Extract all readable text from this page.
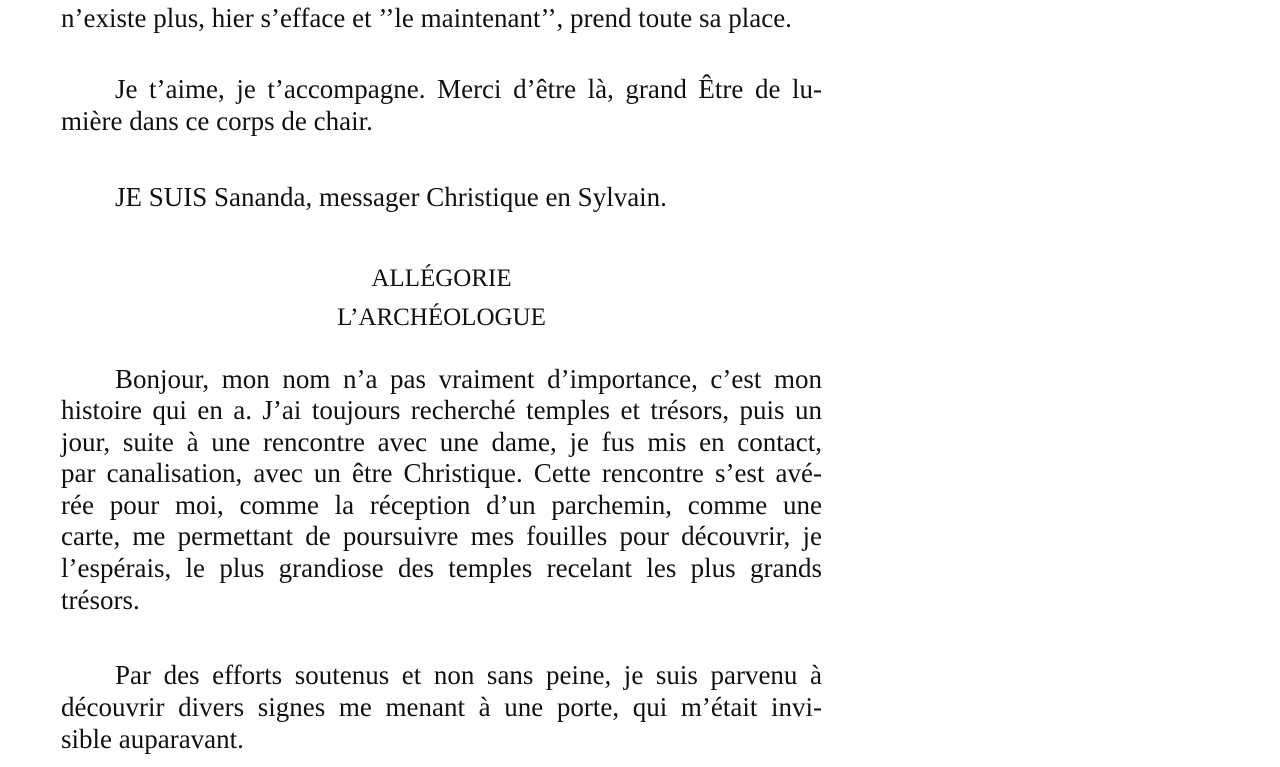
n’existe plus, hier s’efface et ’’le maintenant’’, prend toute sa place.
Je t’aime, je t’accompagne. Merci d’être là, grand Être de lu-
mière dans ce corps de chair.
JE SUIS Sananda, messager Christique en Sylvain.
ALLÉGORIE
L’ARCHÉOLOGUE
Bonjour, mon nom n’a pas vraiment d’importance, c’est mon
histoire qui en a. J’ai toujours recherché temples et trésors, puis un
jour, suite à une rencontre avec une dame, je fus mis en contact,
par canalisation, avec un être Christique. Cette rencontre s’est avé-
rée pour moi, comme la réception d’un parchemin, comme une
carte, me permettant de poursuivre mes fouilles pour découvrir, je
l’espérais, le plus grandiose des temples recelant les plus grands
trésors.
Par des efforts soutenus et non sans peine, je suis parvenu à
découvrir divers signes me menant à une porte, qui m’était invi-
sible auparavant.
